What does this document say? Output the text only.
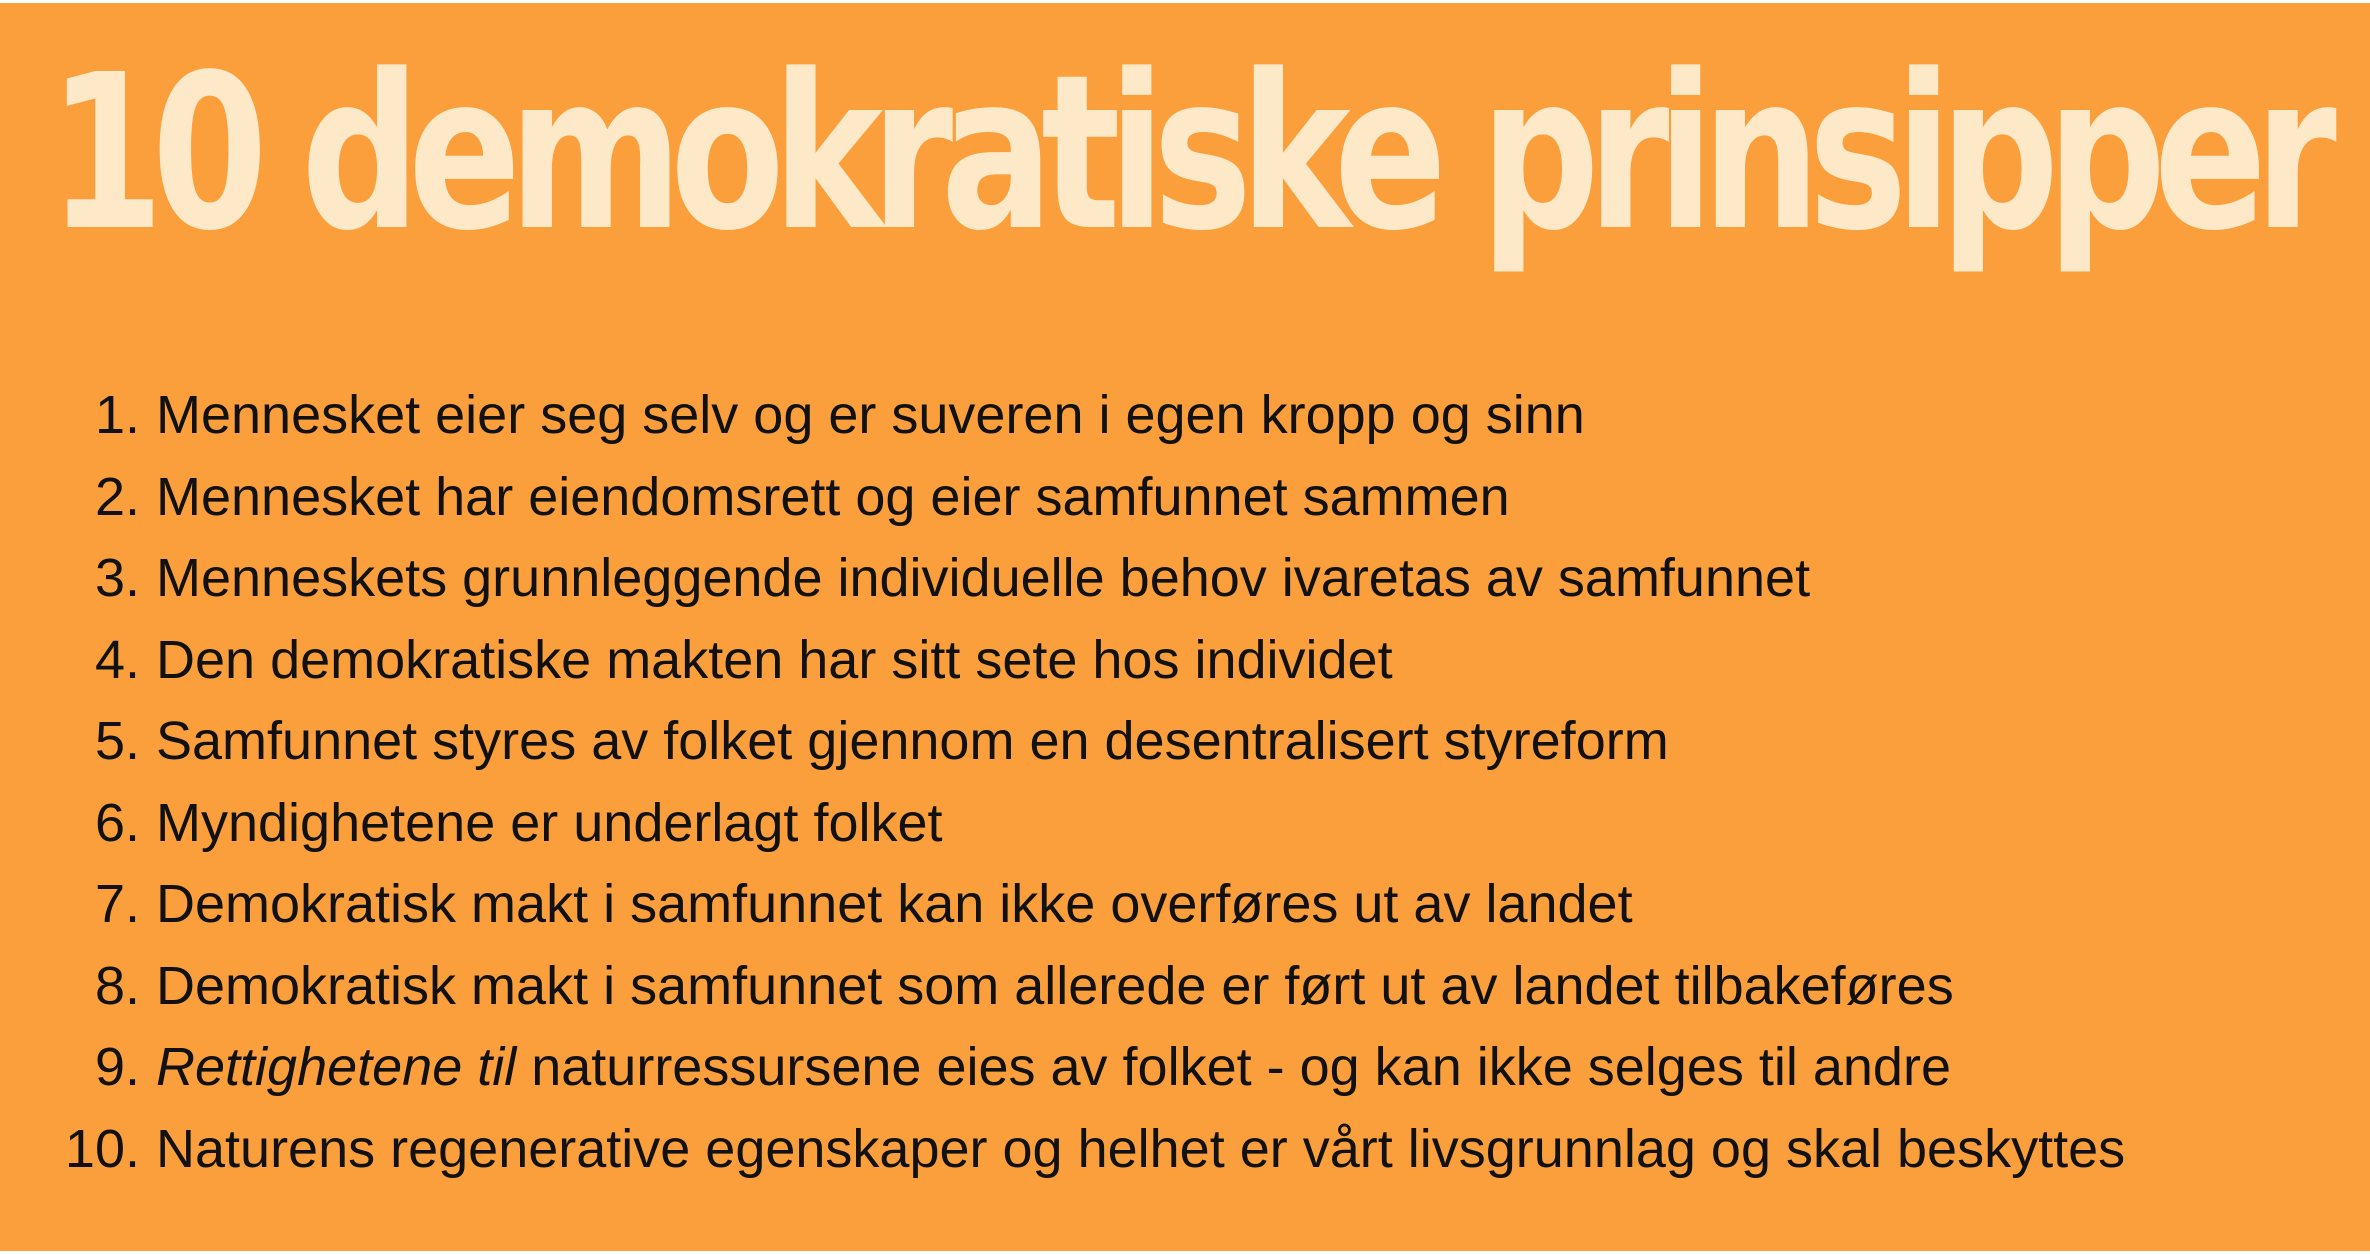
10 demokratiske prinsipper
1. Mennesket eier seg selv og er suveren i egen kropp og sinn
2. Mennesket har eiendomsrett og eier samfunnet sammen
3. Menneskets grunnleggende individuelle behov ivaretas av samfunnet
4. Den demokratiske makten har sitt sete hos individet
5. Samfunnet styres av folket gjennom en desentralisert styreform
6. Myndighetene er underlagt folket
7. Demokratisk makt i samfunnet kan ikke overføres ut av landet
8. Demokratisk makt i samfunnet som allerede er ført ut av landet tilbakeføres
9. Rettighetene til naturressursene eies av folket - og kan ikke selges til andre
10. Naturens regenerative egenskaper og helhet er vårt livsgrunnlag og skal beskyttes
